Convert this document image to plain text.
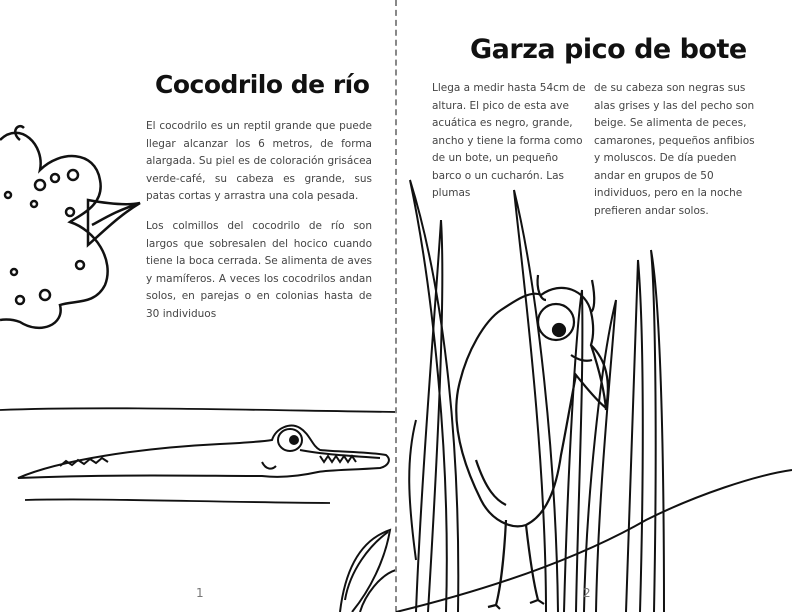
Cocodrilo de río

El cocodrilo es un reptil grande que puede llegar alcanzar los 6 metros, de forma alargada. Su piel es de coloración grisácea verde-café, su cabeza es grande, sus patas cortas y arrastra una cola pesada.

Los colmillos del cocodrilo de río son largos que sobresalen del hocico cuando tiene la boca cerrada. Se alimenta de aves y mamíferos. A veces los cocodrilos andan solos, en parejas o en colonias hasta de 30 individuos

1
Garza pico de bote

Llega a medir hasta 54cm de altura. El pico de esta ave acuática es negro, grande, ancho y tiene la forma como de un bote, un pequeño barco o un cucharón. Las plumas

de su cabeza son negras sus alas grises y las del pecho son beige. Se alimenta de peces, camarones, pequeños anfibios y moluscos. De día pueden andar en grupos de 50 individuos, pero en la noche prefieren andar solos.

2
